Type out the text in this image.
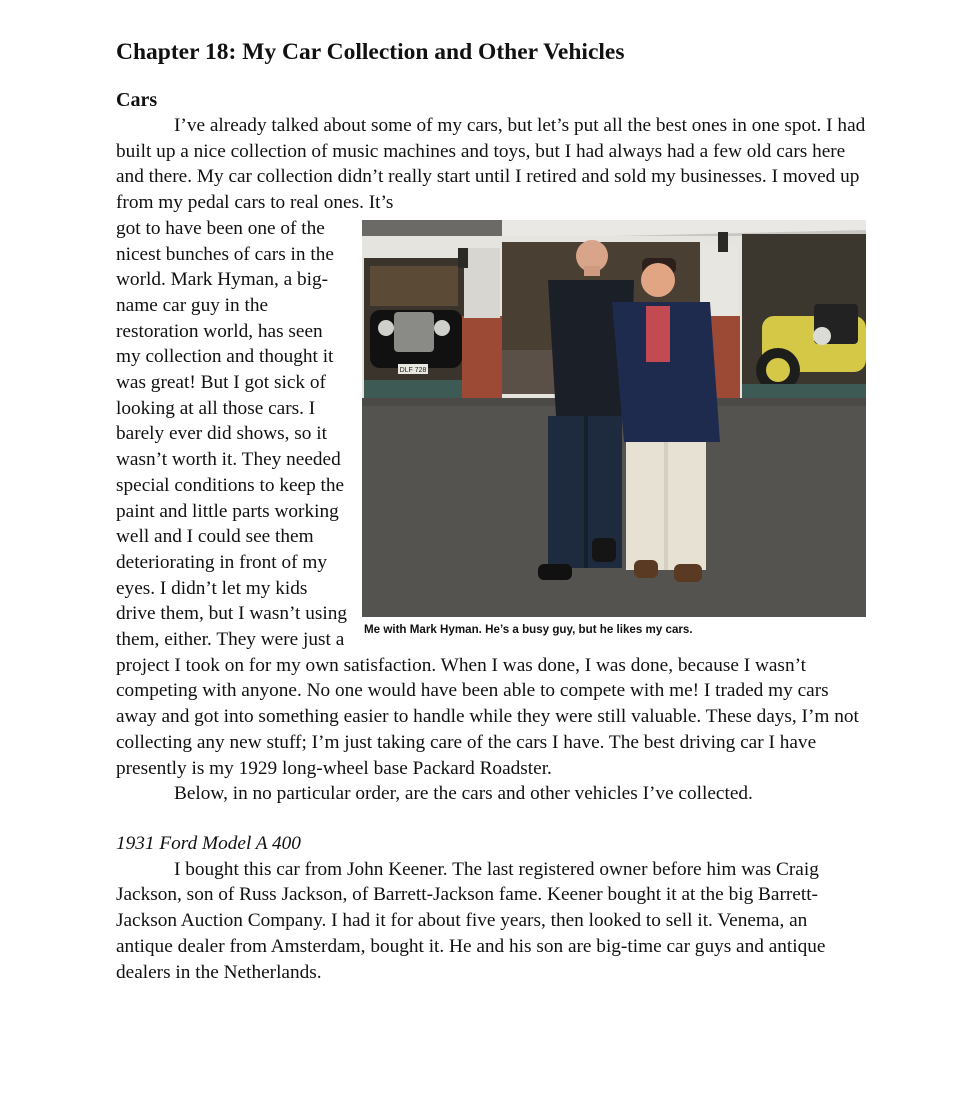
Chapter 18: My Car Collection and Other Vehicles
Cars

I’ve already talked about some of my cars, but let’s put all the best ones in one spot. I had built up a nice collection of music machines and toys, but I had always had a few old cars here and there. My car collection didn’t really start until I retired and sold my businesses. I moved up from my pedal cars to real ones. It’s

DLF 728
Me with Mark Hyman. He’s a busy guy, but he likes my cars.

got to have been one of the nicest bunches of cars in the world. Mark Hyman, a big-name car guy in the restoration world, has seen my collection and thought it was great! But I got sick of looking at all those cars. I barely ever did shows, so it wasn’t worth it. They needed special conditions to keep the paint and little parts working well and I could see them deteriorating in front of my eyes. I didn’t let my kids drive them, but I wasn’t using them, either. They were just a project I took on for my own satisfaction. When I was done, I was done, because I wasn’t competing with anyone. No one would have been able to compete with me! I traded my cars away and got into something easier to handle while they were still valuable. These days, I’m not collecting any new stuff; I’m just taking care of the cars I have. The best driving car I have presently is my 1929 long-wheel base Packard Roadster.

Below, in no particular order, are the cars and other vehicles I’ve collected.

1931 Ford Model A 400

I bought this car from John Keener. The last registered owner before him was Craig Jackson, son of Russ Jackson, of Barrett-Jackson fame. Keener bought it at the big Barrett-Jackson Auction Company. I had it for about five years, then looked to sell it. Venema, an antique dealer from Amsterdam, bought it. He and his son are big-time car guys and antique dealers in the Netherlands.
